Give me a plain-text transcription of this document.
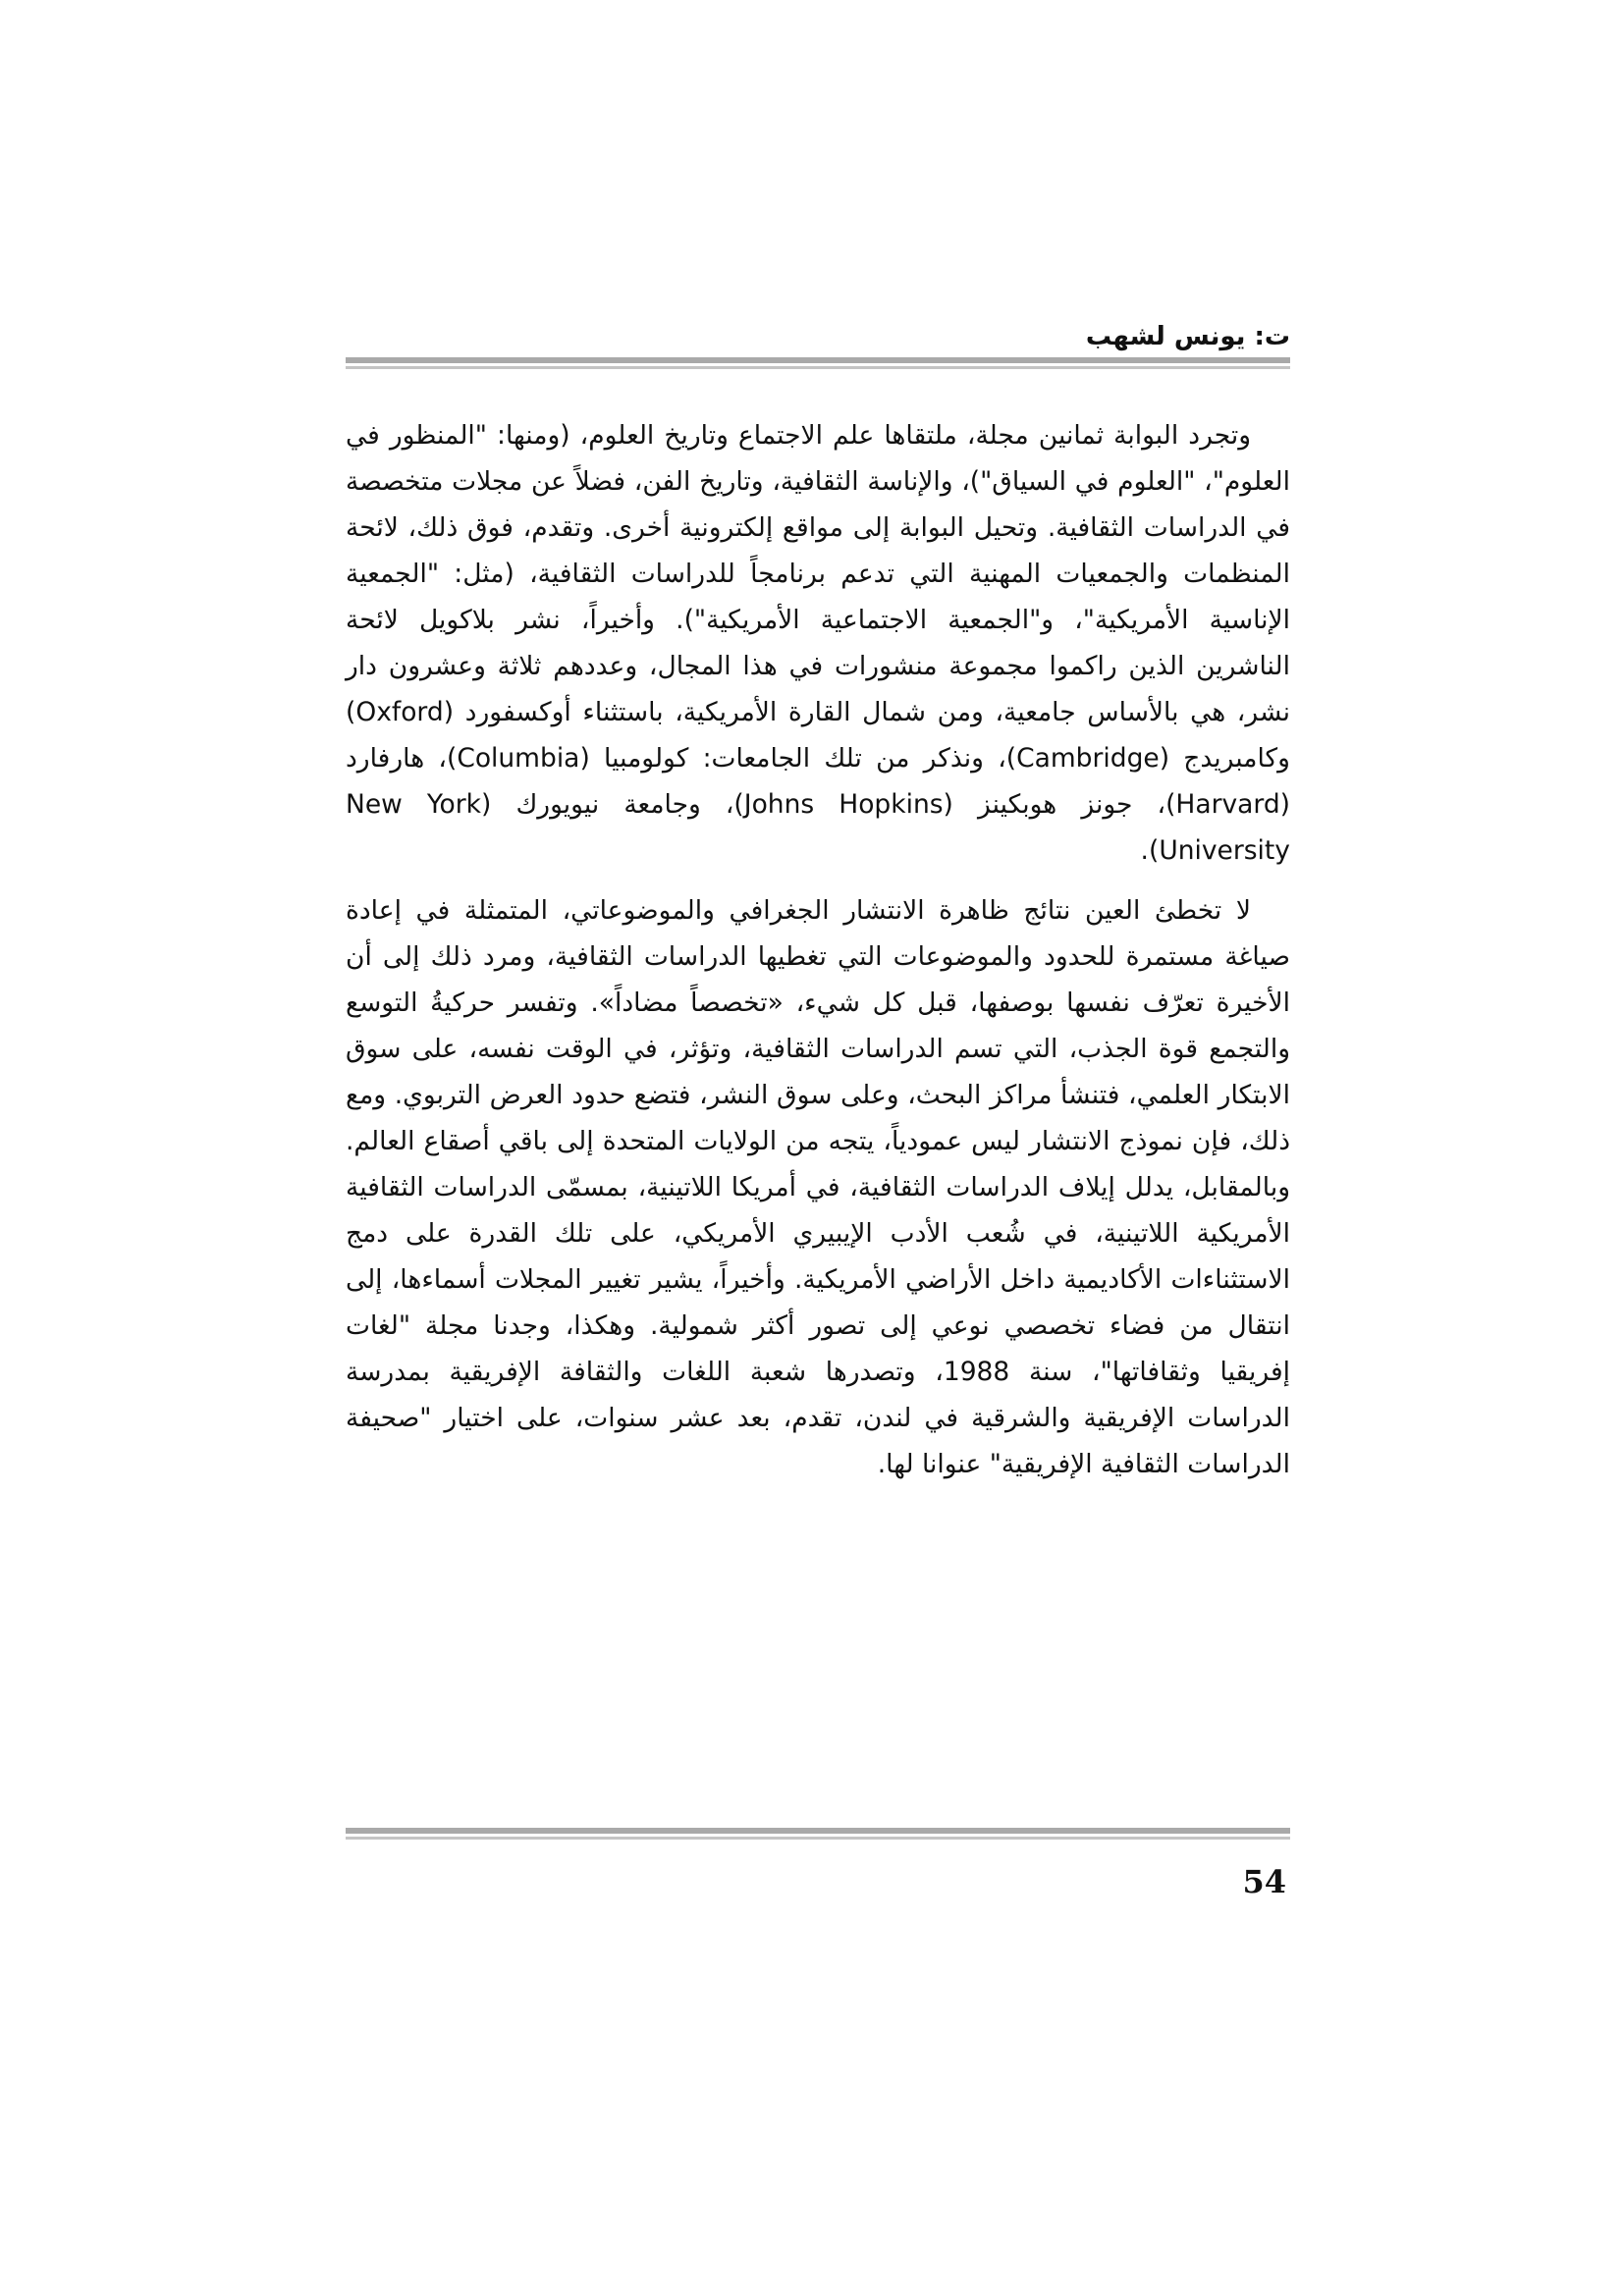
ت: يونس لشهب

وتجرد البوابة ثمانين مجلة، ملتقاها علم الاجتماع وتاريخ العلوم، (ومنها: "المنظور في العلوم"، "العلوم في السياق")، والإناسة الثقافية، وتاريخ الفن، فضلاً عن مجلات متخصصة في الدراسات الثقافية. وتحيل البوابة إلى مواقع إلكترونية أخرى. وتقدم، فوق ذلك، لائحة المنظمات والجمعيات المهنية التي تدعم برنامجاً للدراسات الثقافية، (مثل: "الجمعية الإناسية الأمريكية"، و"الجمعية الاجتماعية الأمريكية"). وأخيراً، نشر بلاكويل لائحة الناشرين الذين راكموا مجموعة منشورات في هذا المجال، وعددهم ثلاثة وعشرون دار نشر، هي بالأساس جامعية، ومن شمال القارة الأمريكية، باستثناء أوكسفورد (Oxford) وكامبريدج (Cambridge)، ونذكر من تلك الجامعات: كولومبيا (Columbia)، هارفارد (Harvard)، جونز هوبكينز (Johns Hopkins)، وجامعة نيويورك (New York University).

لا تخطئ العين نتائج ظاهرة الانتشار الجغرافي والموضوعاتي، المتمثلة في إعادة صياغة مستمرة للحدود والموضوعات التي تغطيها الدراسات الثقافية، ومرد ذلك إلى أن الأخيرة تعرّف نفسها بوصفها، قبل كل شيء، «تخصصاً مضاداً». وتفسر حركيةُ التوسع والتجمع قوة الجذب، التي تسم الدراسات الثقافية، وتؤثر، في الوقت نفسه، على سوق الابتكار العلمي، فتنشأ مراكز البحث، وعلى سوق النشر، فتضع حدود العرض التربوي. ومع ذلك، فإن نموذج الانتشار ليس عمودياً، يتجه من الولايات المتحدة إلى باقي أصقاع العالم. وبالمقابل، يدلل إيلاف الدراسات الثقافية، في أمريكا اللاتينية، بمسمّى الدراسات الثقافية الأمريكية اللاتينية، في شُعب الأدب الإيبيري الأمريكي، على تلك القدرة على دمج الاستثناءات الأكاديمية داخل الأراضي الأمريكية. وأخيراً، يشير تغيير المجلات أسماءها، إلى انتقال من فضاء تخصصي نوعي إلى تصور أكثر شمولية. وهكذا، وجدنا مجلة "لغات إفريقيا وثقافاتها"، سنة 1988، وتصدرها شعبة اللغات والثقافة الإفريقية بمدرسة الدراسات الإفريقية والشرقية في لندن، تقدم، بعد عشر سنوات، على اختيار "صحيفة الدراسات الثقافية الإفريقية" عنوانا لها.

54
